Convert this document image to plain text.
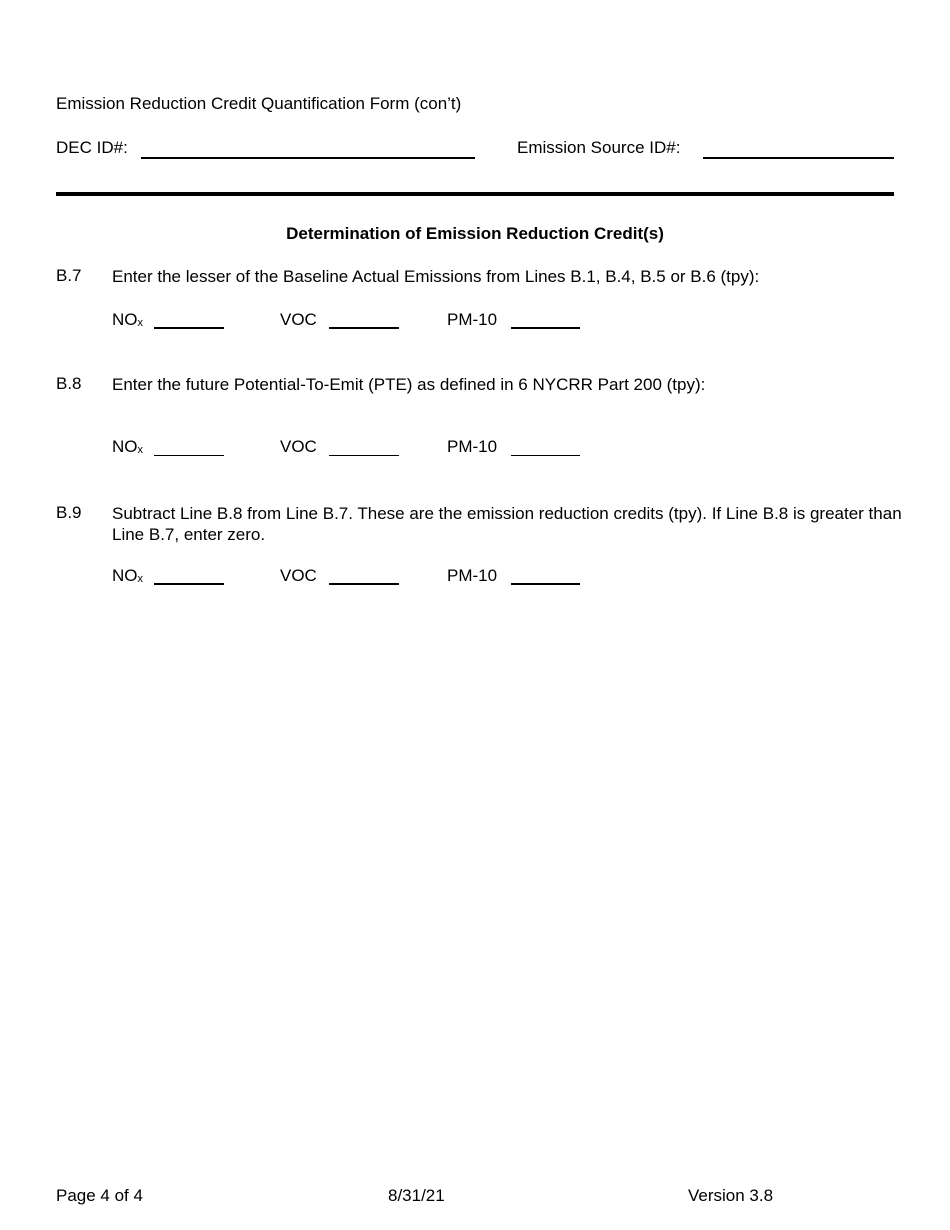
Emission Reduction Credit Quantification Form (con’t)
DEC ID#:	Emission Source ID#:
Determination of Emission Reduction Credit(s)
B.7 Enter the lesser of the Baseline Actual Emissions from Lines B.1, B.4, B.5 or B.6 (tpy):
$NO_x$	VOC	PM-10
B.8 Enter the future Potential-To-Emit (PTE) as defined in 6 NYCRR Part 200 (tpy):
$NO_x$	VOC	PM-10
B.9 Subtract Line B.8 from Line B.7. These are the emission reduction credits (tpy). If Line B.8 is greater than Line B.7, enter zero.
$NO_x$	VOC	PM-10
Page 4 of 4	8/31/21	Version 3.8
